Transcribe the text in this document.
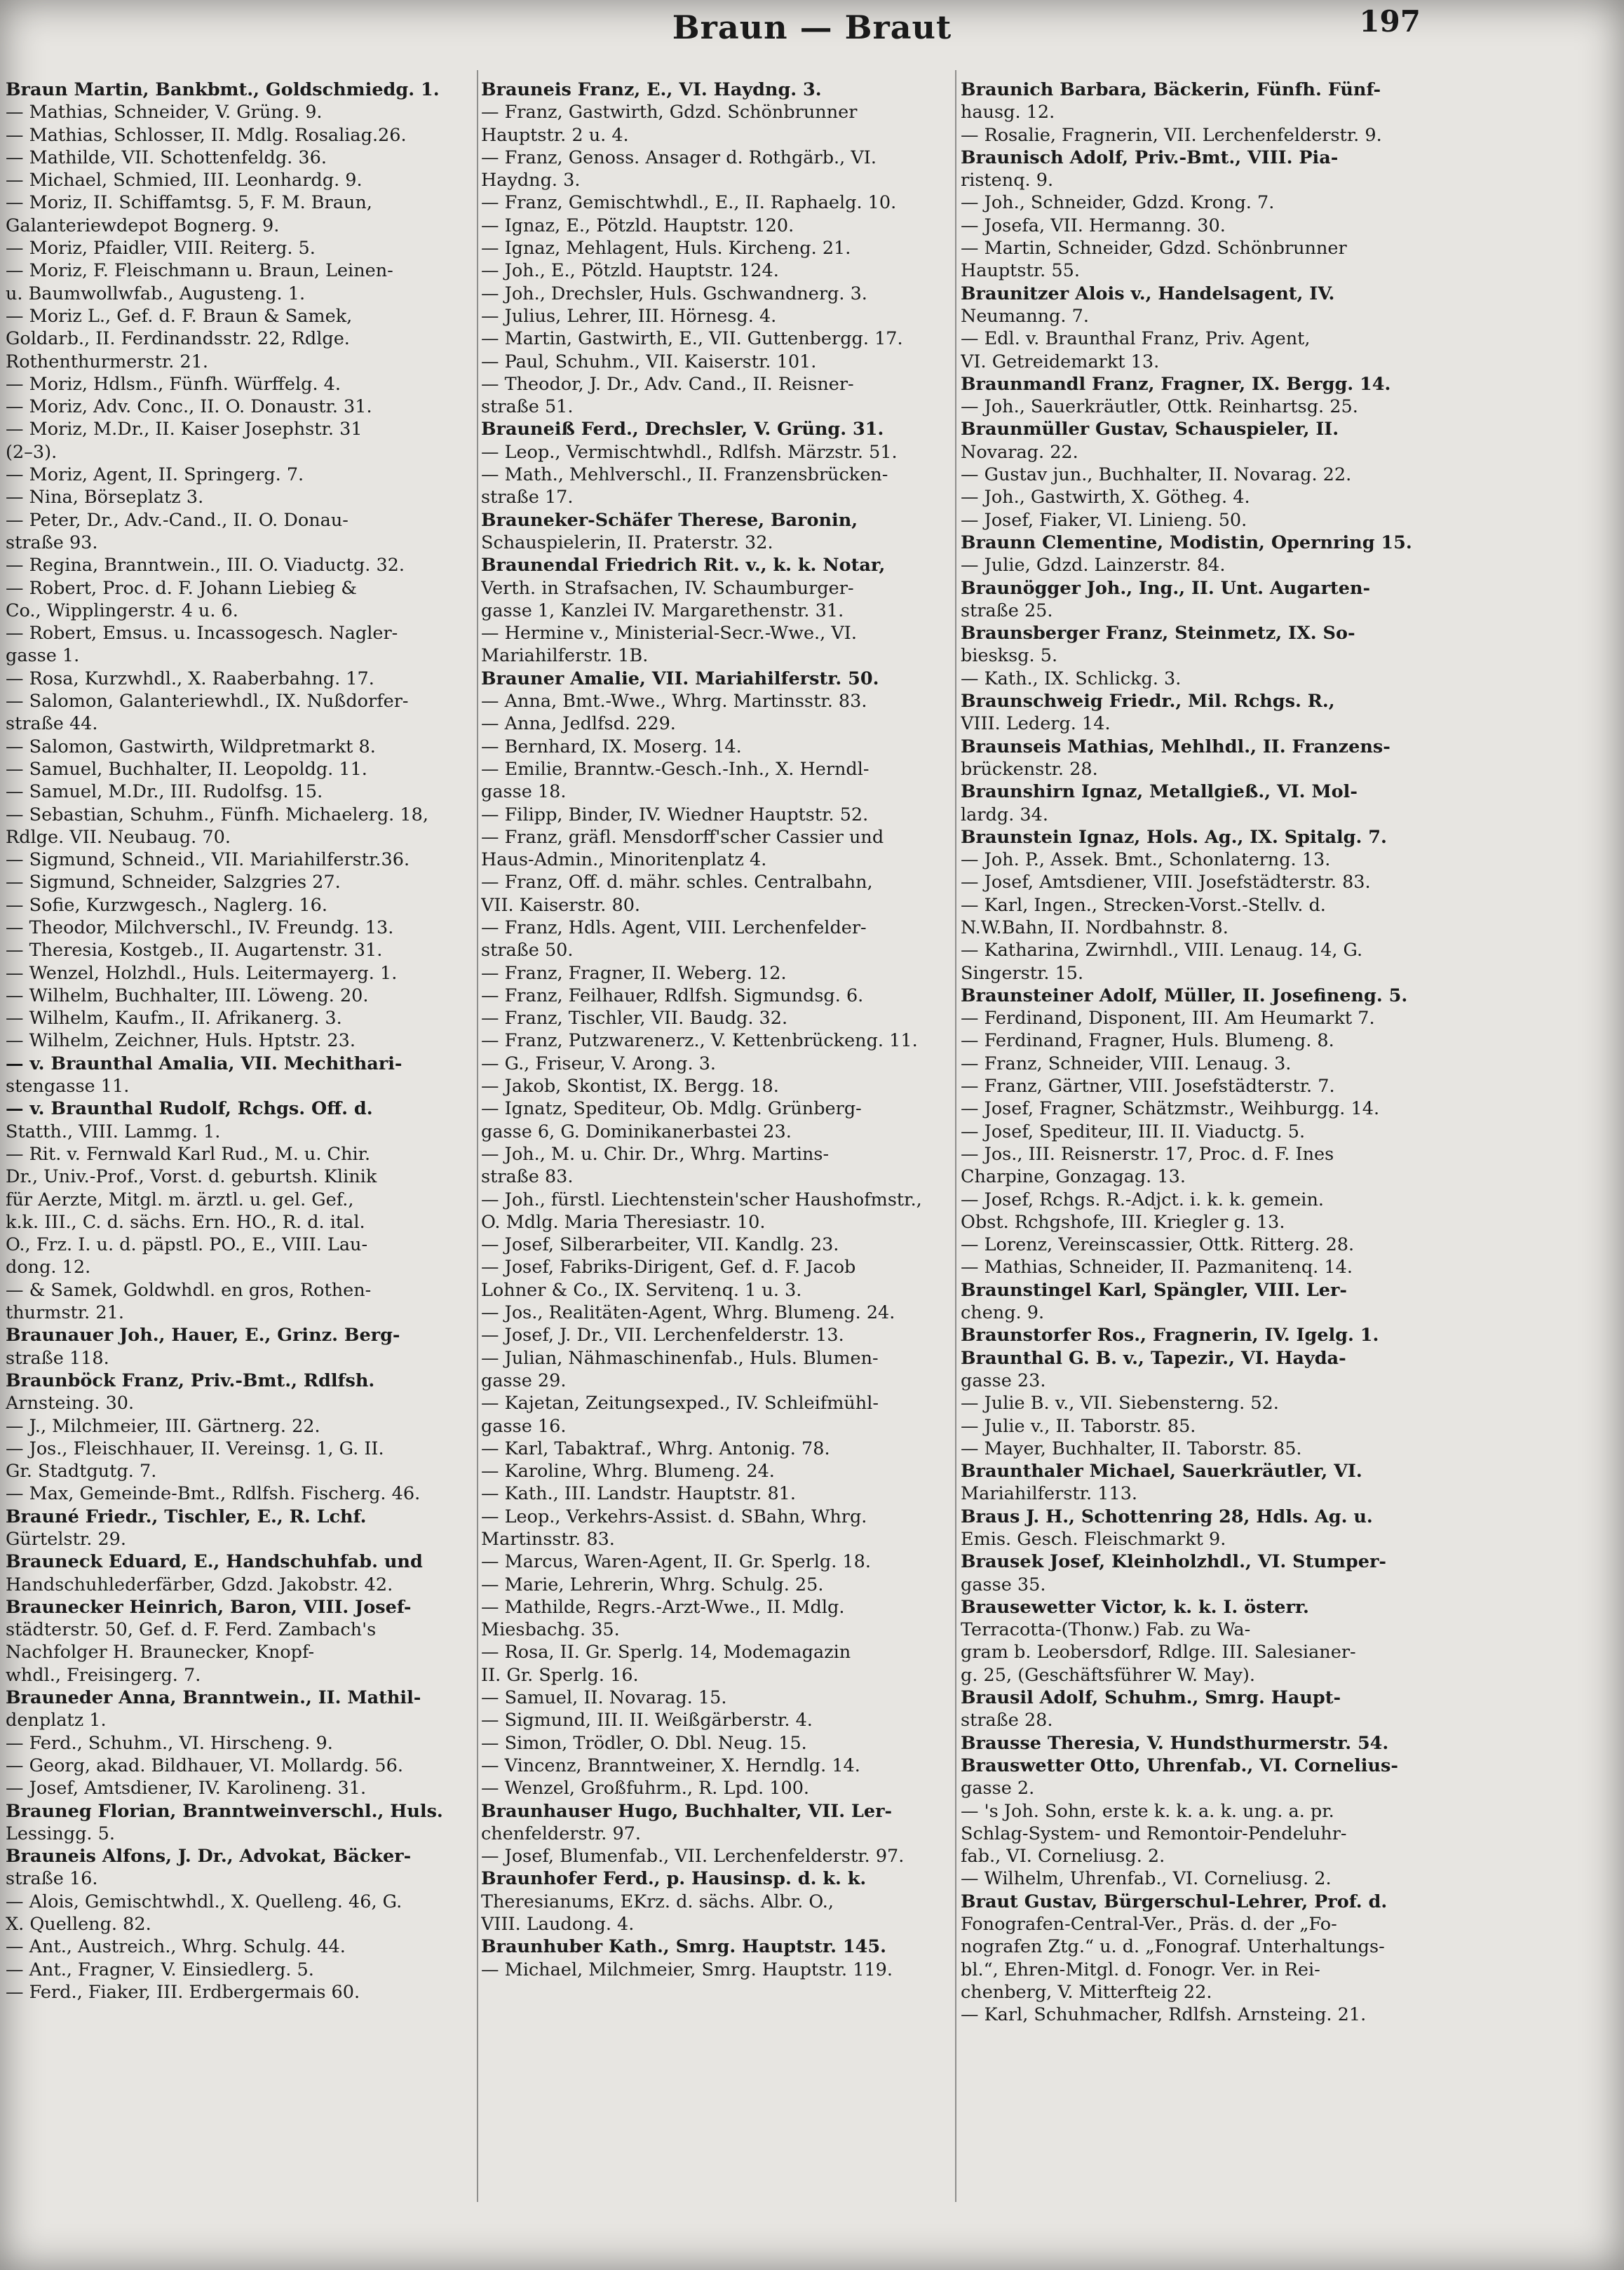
Braun — Braut	197
Braun Martin, Bankbmt., Goldschmiedg. 1.
— Mathias, Schneider, V. Grüng. 9.
— Mathias, Schlosser, II. Mdlg. Rosaliag.26.
— Mathilde, VII. Schottenfeldg. 36.
— Michael, Schmied, III. Leonhardg. 9.
— Moriz, II. Schiffamtsg. 5, F. M. Braun,
Galanteriewdepot Bognerg. 9.
— Moriz, Pfaidler, VIII. Reiterg. 5.
— Moriz, F. Fleischmann u. Braun, Leinen-
u. Baumwollwfab., Augusteng. 1.
— Moriz L., Gef. d. F. Braun & Samek,
Goldarb., II. Ferdinandsstr. 22, Rdlge.
Rothenthurmerstr. 21.
— Moriz, Hdlsm., Fünfh. Würffelg. 4.
— Moriz, Adv. Conc., II. O. Donaustr. 31.
— Moriz, M.Dr., II. Kaiser Josephstr. 31
(2–3).
— Moriz, Agent, II. Springerg. 7.
— Nina, Börseplatz 3.
— Peter, Dr., Adv.-Cand., II. O. Donau-
straße 93.
— Regina, Branntwein., III. O. Viaductg. 32.
— Robert, Proc. d. F. Johann Liebieg &
Co., Wipplingerstr. 4 u. 6.
— Robert, Emsus. u. Incassogesch. Nagler-
gasse 1.
— Rosa, Kurzwhdl., X. Raaberbahng. 17.
— Salomon, Galanteriewhdl., IX. Nußdorfer-
straße 44.
— Salomon, Gastwirth, Wildpretmarkt 8.
— Samuel, Buchhalter, II. Leopoldg. 11.
— Samuel, M.Dr., III. Rudolfsg. 15.
— Sebastian, Schuhm., Fünfh. Michaelerg. 18,
Rdlge. VII. Neubaug. 70.
— Sigmund, Schneid., VII. Mariahilferstr.36.
— Sigmund, Schneider, Salzgries 27.
— Sofie, Kurzwgesch., Naglerg. 16.
— Theodor, Milchverschl., IV. Freundg. 13.
— Theresia, Kostgeb., II. Augartenstr. 31.
— Wenzel, Holzhdl., Huls. Leitermayerg. 1.
— Wilhelm, Buchhalter, III. Löweng. 20.
— Wilhelm, Kaufm., II. Afrikanerg. 3.
— Wilhelm, Zeichner, Huls. Hptstr. 23.
— v. Braunthal Amalia, VII. Mechithari-
stengasse 11.
— v. Braunthal Rudolf, Rchgs. Off. d.
Statth., VIII. Lammg. 1.
— Rit. v. Fernwald Karl Rud., M. u. Chir.
Dr., Univ.-Prof., Vorst. d. geburtsh. Klinik
für Aerzte, Mitgl. m. ärztl. u. gel. Gef.,
k.k. III., C. d. sächs. Ern. HO., R. d. ital.
O., Frz. I. u. d. päpstl. PO., E., VIII. Lau-
dong. 12.
— & Samek, Goldwhdl. en gros, Rothen-
thurmstr. 21.
Braunauer Joh., Hauer, E., Grinz. Berg-
straße 118.
Braunböck Franz, Priv.-Bmt., Rdlfsh.
Arnsteing. 30.
— J., Milchmeier, III. Gärtnerg. 22.
— Jos., Fleischhauer, II. Vereinsg. 1, G. II.
Gr. Stadtgutg. 7.
— Max, Gemeinde-Bmt., Rdlfsh. Fischerg. 46.
Brauné Friedr., Tischler, E., R. Lchf.
Gürtelstr. 29.
Brauneck Eduard, E., Handschuhfab. und
Handschuhlederfärber, Gdzd. Jakobstr. 42.
Braunecker Heinrich, Baron, VIII. Josef-
städterstr. 50, Gef. d. F. Ferd. Zambach's
Nachfolger H. Braunecker, Knopf-
whdl., Freisingerg. 7.
Brauneder Anna, Branntwein., II. Mathil-
denplatz 1.
— Ferd., Schuhm., VI. Hirscheng. 9.
— Georg, akad. Bildhauer, VI. Mollardg. 56.
— Josef, Amtsdiener, IV. Karolineng. 31.
Brauneg Florian, Branntweinverschl., Huls.
Lessingg. 5.
Brauneis Alfons, J. Dr., Advokat, Bäcker-
straße 16.
— Alois, Gemischtwhdl., X. Quelleng. 46, G.
X. Quelleng. 82.
— Ant., Austreich., Whrg. Schulg. 44.
— Ant., Fragner, V. Einsiedlerg. 5.
— Ferd., Fiaker, III. Erdbergermais 60.
Brauneis Franz, E., VI. Haydng. 3.
— Franz, Gastwirth, Gdzd. Schönbrunner
Hauptstr. 2 u. 4.
— Franz, Genoss. Ansager d. Rothgärb., VI.
Haydng. 3.
— Franz, Gemischtwhdl., E., II. Raphaelg. 10.
— Ignaz, E., Pötzld. Hauptstr. 120.
— Ignaz, Mehlagent, Huls. Kircheng. 21.
— Joh., E., Pötzld. Hauptstr. 124.
— Joh., Drechsler, Huls. Gschwandnerg. 3.
— Julius, Lehrer, III. Hörnesg. 4.
— Martin, Gastwirth, E., VII. Guttenbergg. 17.
— Paul, Schuhm., VII. Kaiserstr. 101.
— Theodor, J. Dr., Adv. Cand., II. Reisner-
straße 51.
Brauneiß Ferd., Drechsler, V. Grüng. 31.
— Leop., Vermischtwhdl., Rdlfsh. Märzstr. 51.
— Math., Mehlverschl., II. Franzensbrücken-
straße 17.
Brauneker-Schäfer Therese, Baronin,
Schauspielerin, II. Praterstr. 32.
Braunendal Friedrich Rit. v., k. k. Notar,
Verth. in Strafsachen, IV. Schaumburger-
gasse 1, Kanzlei IV. Margarethenstr. 31.
— Hermine v., Ministerial-Secr.-Wwe., VI.
Mariahilferstr. 1B.
Brauner Amalie, VII. Mariahilferstr. 50.
— Anna, Bmt.-Wwe., Whrg. Martinsstr. 83.
— Anna, Jedlfsd. 229.
— Bernhard, IX. Moserg. 14.
— Emilie, Branntw.-Gesch.-Inh., X. Herndl-
gasse 18.
— Filipp, Binder, IV. Wiedner Hauptstr. 52.
— Franz, gräfl. Mensdorff'scher Cassier und
Haus-Admin., Minoritenplatz 4.
— Franz, Off. d. mähr. schles. Centralbahn,
VII. Kaiserstr. 80.
— Franz, Hdls. Agent, VIII. Lerchenfelder-
straße 50.
— Franz, Fragner, II. Weberg. 12.
— Franz, Feilhauer, Rdlfsh. Sigmundsg. 6.
— Franz, Tischler, VII. Baudg. 32.
— Franz, Putzwarenerz., V. Kettenbrückeng. 11.
— G., Friseur, V. Arong. 3.
— Jakob, Skontist, IX. Bergg. 18.
— Ignatz, Spediteur, Ob. Mdlg. Grünberg-
gasse 6, G. Dominikanerbastei 23.
— Joh., M. u. Chir. Dr., Whrg. Martins-
straße 83.
— Joh., fürstl. Liechtenstein'scher Haushofmstr.,
O. Mdlg. Maria Theresiastr. 10.
— Josef, Silberarbeiter, VII. Kandlg. 23.
— Josef, Fabriks-Dirigent, Gef. d. F. Jacob
Lohner & Co., IX. Servitenq. 1 u. 3.
— Jos., Realitäten-Agent, Whrg. Blumeng. 24.
— Josef, J. Dr., VII. Lerchenfelderstr. 13.
— Julian, Nähmaschinenfab., Huls. Blumen-
gasse 29.
— Kajetan, Zeitungsexped., IV. Schleifmühl-
gasse 16.
— Karl, Tabaktraf., Whrg. Antonig. 78.
— Karoline, Whrg. Blumeng. 24.
— Kath., III. Landstr. Hauptstr. 81.
— Leop., Verkehrs-Assist. d. SBahn, Whrg.
Martinsstr. 83.
— Marcus, Waren-Agent, II. Gr. Sperlg. 18.
— Marie, Lehrerin, Whrg. Schulg. 25.
— Mathilde, Regrs.-Arzt-Wwe., II. Mdlg.
Miesbachg. 35.
— Rosa, II. Gr. Sperlg. 14, Modemagazin
II. Gr. Sperlg. 16.
— Samuel, II. Novarag. 15.
— Sigmund, III. II. Weißgärberstr. 4.
— Simon, Trödler, O. Dbl. Neug. 15.
— Vincenz, Branntweiner, X. Herndlg. 14.
— Wenzel, Großfuhrm., R. Lpd. 100.
Braunhauser Hugo, Buchhalter, VII. Ler-
chenfelderstr. 97.
— Josef, Blumenfab., VII. Lerchenfelderstr. 97.
Braunhofer Ferd., p. Hausinsp. d. k. k.
Theresianums, EKrz. d. sächs. Albr. O.,
VIII. Laudong. 4.
Braunhuber Kath., Smrg. Hauptstr. 145.
— Michael, Milchmeier, Smrg. Hauptstr. 119.
Braunich Barbara, Bäckerin, Fünfh. Fünf-
hausg. 12.
— Rosalie, Fragnerin, VII. Lerchenfelderstr. 9.
Braunisch Adolf, Priv.-Bmt., VIII. Pia-
ristenq. 9.
— Joh., Schneider, Gdzd. Krong. 7.
— Josefa, VII. Hermanng. 30.
— Martin, Schneider, Gdzd. Schönbrunner
Hauptstr. 55.
Braunitzer Alois v., Handelsagent, IV.
Neumanng. 7.
— Edl. v. Braunthal Franz, Priv. Agent,
VI. Getreidemarkt 13.
Braunmandl Franz, Fragner, IX. Bergg. 14.
— Joh., Sauerkräutler, Ottk. Reinhartsg. 25.
Braunmüller Gustav, Schauspieler, II.
Novarag. 22.
— Gustav jun., Buchhalter, II. Novarag. 22.
— Joh., Gastwirth, X. Götheg. 4.
— Josef, Fiaker, VI. Linieng. 50.
Braunn Clementine, Modistin, Opernring 15.
— Julie, Gdzd. Lainzerstr. 84.
Braunögger Joh., Ing., II. Unt. Augarten-
straße 25.
Braunsberger Franz, Steinmetz, IX. So-
biesksg. 5.
— Kath., IX. Schlickg. 3.
Braunschweig Friedr., Mil. Rchgs. R.,
VIII. Lederg. 14.
Braunseis Mathias, Mehlhdl., II. Franzens-
brückenstr. 28.
Braunshirn Ignaz, Metallgieß., VI. Mol-
lardg. 34.
Braunstein Ignaz, Hols. Ag., IX. Spitalg. 7.
— Joh. P., Assek. Bmt., Schonlaterng. 13.
— Josef, Amtsdiener, VIII. Josefstädterstr. 83.
— Karl, Ingen., Strecken-Vorst.-Stellv. d.
N.W.Bahn, II. Nordbahnstr. 8.
— Katharina, Zwirnhdl., VIII. Lenaug. 14, G.
Singerstr. 15.
Braunsteiner Adolf, Müller, II. Josefineng. 5.
— Ferdinand, Disponent, III. Am Heumarkt 7.
— Ferdinand, Fragner, Huls. Blumeng. 8.
— Franz, Schneider, VIII. Lenaug. 3.
— Franz, Gärtner, VIII. Josefstädterstr. 7.
— Josef, Fragner, Schätzmstr., Weihburgg. 14.
— Josef, Spediteur, III. II. Viaductg. 5.
— Jos., III. Reisnerstr. 17, Proc. d. F. Ines
Charpine, Gonzagag. 13.
— Josef, Rchgs. R.-Adjct. i. k. k. gemein.
Obst. Rchgshofe, III. Kriegler g. 13.
— Lorenz, Vereinscassier, Ottk. Ritterg. 28.
— Mathias, Schneider, II. Pazmanitenq. 14.
Braunstingel Karl, Spängler, VIII. Ler-
cheng. 9.
Braunstorfer Ros., Fragnerin, IV. Igelg. 1.
Braunthal G. B. v., Tapezir., VI. Hayda-
gasse 23.
— Julie B. v., VII. Siebensterng. 52.
— Julie v., II. Taborstr. 85.
— Mayer, Buchhalter, II. Taborstr. 85.
Braunthaler Michael, Sauerkräutler, VI.
Mariahilferstr. 113.
Braus J. H., Schottenring 28, Hdls. Ag. u.
Emis. Gesch. Fleischmarkt 9.
Brausek Josef, Kleinholzhdl., VI. Stumper-
gasse 35.
Brausewetter Victor, k. k. I. österr.
Terracotta-(Thonw.) Fab. zu Wa-
gram b. Leobersdorf, Rdlge. III. Salesianer-
g. 25, (Geschäftsführer W. May).
Brausil Adolf, Schuhm., Smrg. Haupt-
straße 28.
Brausse Theresia, V. Hundsthurmerstr. 54.
Brauswetter Otto, Uhrenfab., VI. Cornelius-
gasse 2.
— 's Joh. Sohn, erste k. k. a. k. ung. a. pr.
Schlag-System- und Remontoir-Pendeluhr-
fab., VI. Corneliusg. 2.
— Wilhelm, Uhrenfab., VI. Corneliusg. 2.
Braut Gustav, Bürgerschul-Lehrer, Prof. d.
Fonografen-Central-Ver., Präs. d. der „Fo-
nografen Ztg.“ u. d. „Fonograf. Unterhaltungs-
bl.“, Ehren-Mitgl. d. Fonogr. Ver. in Rei-
chenberg, V. Mitterfteig 22.
— Karl, Schuhmacher, Rdlfsh. Arnsteing. 21.
